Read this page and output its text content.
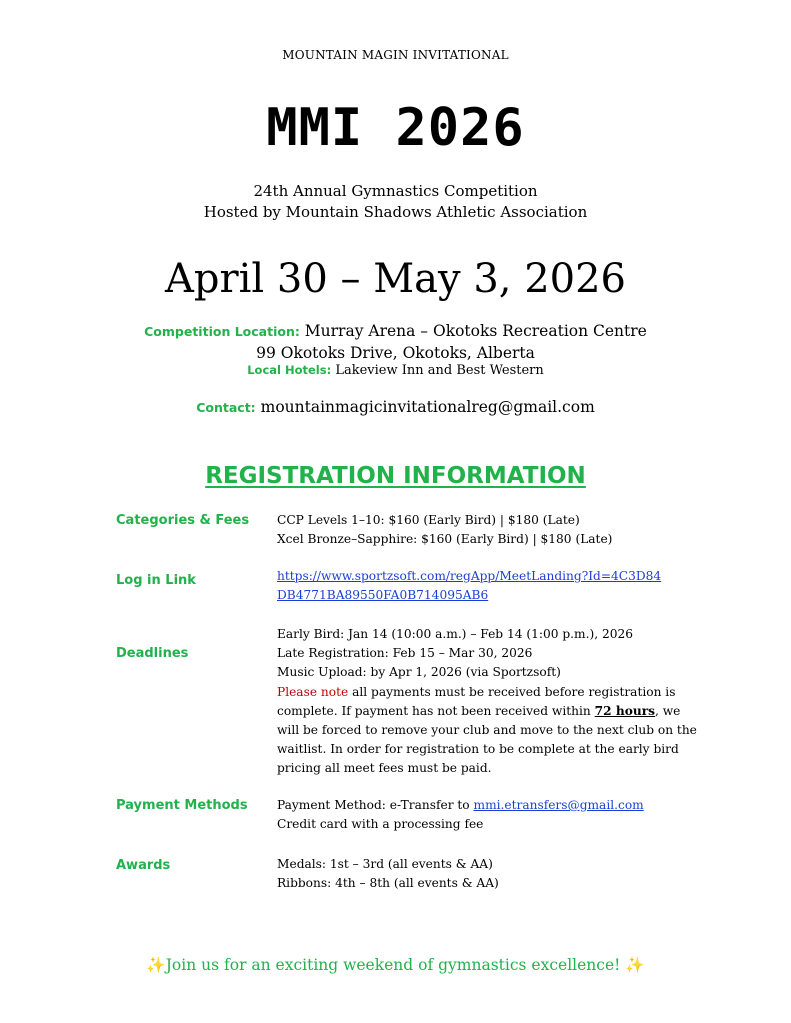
MOUNTAIN MAGIN INVITATIONAL
MMI 2026
24th Annual Gymnastics Competition
Hosted by Mountain Shadows Athletic Association
April 30 – May 3, 2026
Competition Location: Murray Arena – Okotoks Recreation Centre
99 Okotoks Drive, Okotoks, Alberta
Local Hotels: Lakeview Inn and Best Western
Contact: mountainmagicinvitationalreg@gmail.com
REGISTRATION INFORMATION
Categories & Fees CCP Levels 1–10: $160 (Early Bird) | $180 (Late)
Xcel Bronze–Sapphire: $160 (Early Bird) | $180 (Late)
Log in Link	https://www.sportzsoft.com/regApp/MeetLanding?Id=4C3D84
DB4771BA89550FA0B714095AB6
Deadlines
Early Bird: Jan 14 (10:00 a.m.) – Feb 14 (1:00 p.m.), 2026
Late Registration: Feb 15 – Mar 30, 2026
Music Upload: by Apr 1, 2026 (via Sportzsoft)
Please note all payments must be received before registration is complete. If payment has not been received within 72 hours, we will be forced to remove your club and move to the next club on the waitlist. In order for registration to be complete at the early bird pricing all meet fees must be paid.
Payment Methods Payment Method: e-Transfer to mmi.etransfers@gmail.com
Credit card with a processing fee
Awards	Medals: 1st – 3rd (all events & AA)
Ribbons: 4th – 8th (all events & AA)
✨Join us for an exciting weekend of gymnastics excellence! ✨
